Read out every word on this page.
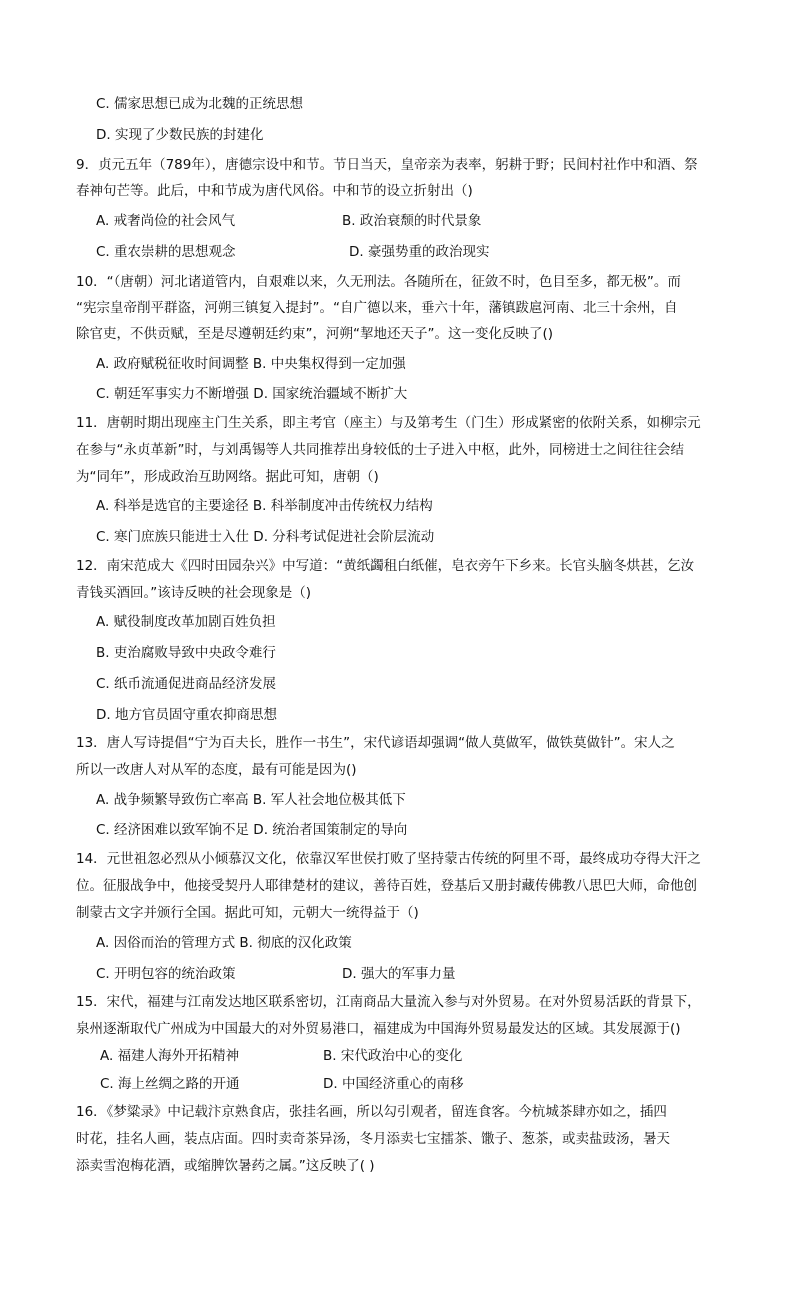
C. 儒家思想已成为北魏的正统思想
D. 实现了少数民族的封建化
9．贞元五年（789年），唐德宗设中和节。节日当天，皇帝亲为表率，躬耕于野；民间村社作中和酒、祭
春神句芒等。此后，中和节成为唐代风俗。中和节的设立折射出（)
A. 戒奢尚俭的社会风气	B. 政治衰颓的时代景象
C. 重农崇耕的思想观念	D. 豪强势重的政治现实
10．“（唐朝）河北诸道管内，自艰难以来，久无刑法。各随所在，征敛不时，色目至多，都无极”。而
“宪宗皇帝削平群盗，河朔三镇复入提封”。“自广德以来，垂六十年，藩镇跋扈河南、北三十余州，自
除官吏，不供贡赋，至是尽遵朝廷约束”，河朔“挈地还天子”。这一变化反映了()
A. 政府赋税征收时间调整 B. 中央集权得到一定加强
C. 朝廷军事实力不断增强 D. 国家统治疆域不断扩大
11．唐朝时期出现座主门生关系，即主考官（座主）与及第考生（门生）形成紧密的依附关系，如柳宗元
在参与“永贞革新”时，与刘禹锡等人共同推荐出身较低的士子进入中枢，此外，同榜进士之间往往会结
为“同年”，形成政治互助网络。据此可知，唐朝（)
A. 科举是选官的主要途径 B. 科举制度冲击传统权力结构
C. 寒门庶族只能进士入仕 D. 分科考试促进社会阶层流动
12．南宋范成大《四时田园杂兴》中写道：“黄纸蠲租白纸催，皂衣旁午下乡来。长官头脑冬烘甚，乞汝
青钱买酒回。”该诗反映的社会现象是（)
A. 赋役制度改革加剧百姓负担
B. 吏治腐败导致中央政令难行
C. 纸币流通促进商品经济发展
D. 地方官员固守重农抑商思想
13．唐人写诗提倡“宁为百夫长，胜作一书生”，宋代谚语却强调“做人莫做军，做铁莫做针”。宋人之
所以一改唐人对从军的态度，最有可能是因为()
A. 战争频繁导致伤亡率高 B. 军人社会地位极其低下
C. 经济困难以致军饷不足 D. 统治者国策制定的导向
14．元世祖忽必烈从小倾慕汉文化，依靠汉军世侯打败了坚持蒙古传统的阿里不哥，最终成功夺得大汗之
位。征服战争中，他接受契丹人耶律楚材的建议，善待百姓，登基后又册封藏传佛教八思巴大师，命他创
制蒙古文字并颁行全国。据此可知，元朝大一统得益于（)
A. 因俗而治的管理方式 B. 彻底的汉化政策
C. 开明包容的统治政策	D. 强大的军事力量
15．宋代，福建与江南发达地区联系密切，江南商品大量流入参与对外贸易。在对外贸易活跃的背景下，
泉州逐渐取代广州成为中国最大的对外贸易港口，福建成为中国海外贸易最发达的区域。其发展源于()
A. 福建人海外开拓精神	B. 宋代政治中心的变化
C. 海上丝绸之路的开通	D. 中国经济重心的南移
16．《梦粱录》中记载汴京熟食店，张挂名画，所以勾引观者，留连食客。今杭城茶肆亦如之，插四
时花，挂名人画，装点店面。四时卖奇茶异汤，冬月添卖七宝擂茶、馓子、葱茶，或卖盐豉汤，暑天
添卖雪泡梅花酒，或缩脾饮暑药之属。”这反映了( )
